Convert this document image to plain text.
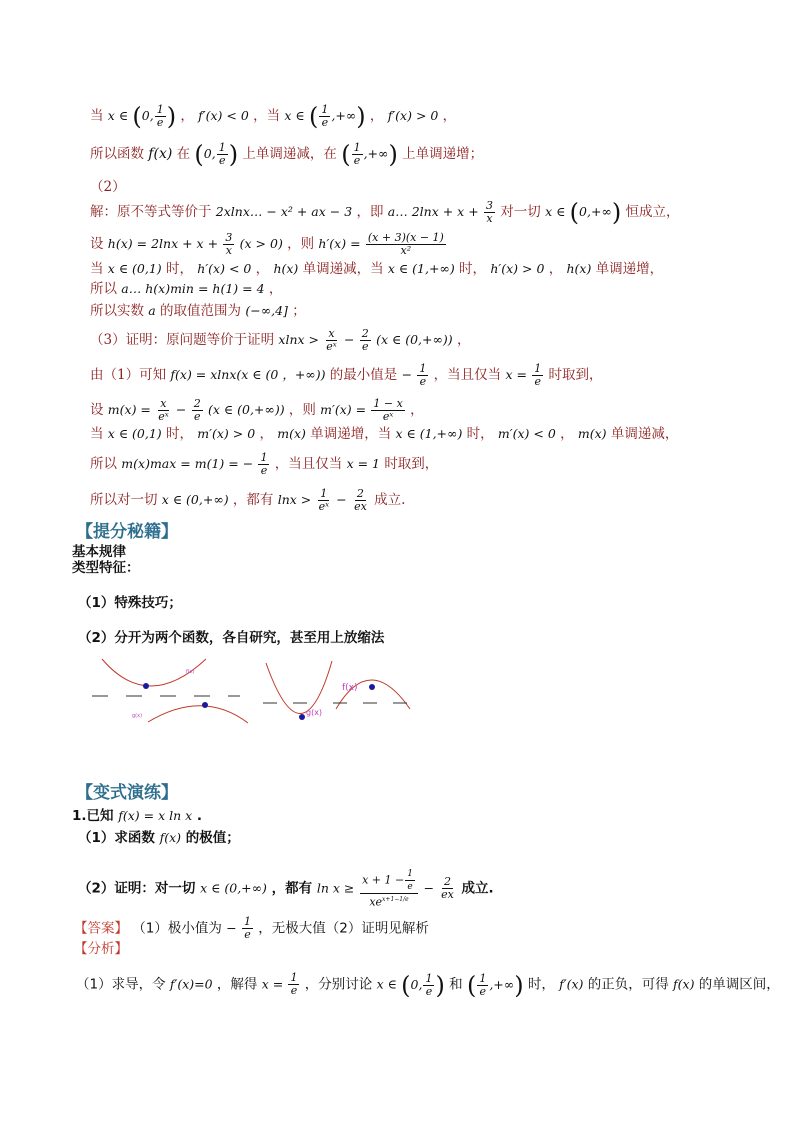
当 x ∈ (0, $\frac{1}{e}$ ) ， f′(x) < 0 ，当 x ∈ ( $\frac{1}{e}$ ,+∞) ， f′(x) > 0 ，
所以函数 f(x) 在 (0, $\frac{1}{e}$ ) 上单调递减，在 ( $\frac{1}{e}$ ,+∞) 上单调递增；
（2）
解：原不等式等价于 2xlnx… − x² + ax − 3 ，即 a… $2\ln x + x + \frac{3}{x}$ 对一切 x ∈ (0,+∞) 恒成立，
设 $h(x) = 2\ln x + x + \frac{3}{x} (x > 0)$ ，则 $h'(x) = \frac{(x + 3)(x - 1)}{\text{x²}}$
当 x ∈ (0,1) 时， h′(x) < 0 ， h(x) 单调递减，当 x ∈ (1,+∞) 时， h′(x) > 0 ， h(x) 单调递增，
所以 a… h(x)min = h(1) = 4 ，
所以实数 a 的取值范围为 (−∞,4] ；
（3）证明：原问题等价于证明 $xlnx > \frac{x}{\text{eˣ}} - \frac{2}{e} (x$ ∈ (0,+∞)) ，
由（1）可知 f(x) = xlnx(x ∈ (0 ，+∞)) 的最小值是 − $\frac{1}{e}$ ，当且仅当 $x = \frac{1}{e}$ 时取到，
设 $m(x) = \frac{x}{\text{eˣ}} - \frac{2}{e} (x$ ∈ (0,+∞)) ，则 $m'(x) = \frac{1 - x}{\text{eˣ}}$ ，
当 x ∈ (0,1) 时， m′(x) > 0 ， m(x) 单调递增，当 x ∈ (1,+∞) 时， m′(x) < 0 ， m(x) 单调递减，
所以 m(x)max = m(1) = − $\frac{1}{e}$ ，当且仅当 x = 1 时取到，
所以对一切 x ∈ (0,+∞) ，都有 $\ln x > \frac{1}{\text{eˣ}} - \frac{2}{ex}$ 成立.
【提分秘籍】
基本规律
类型特征：
（1）特殊技巧；
（2）分开为两个函数，各自研究，甚至用上放缩法
f(x)
g(x)	g(x)
f(x)
【变式演练】
1.已知 f(x) = x ln x .
（1）求函数 f(x) 的极值；
（2）证明：对一切 x ∈ (0,+∞) ，都有 $\ln x \ge \frac{x + 1 - \frac{1}{e}}{xe^{x+1-1/e}} - \frac{2}{ex}$ 成立.
【答案】 （1）极小值为 − $\frac{1}{e}$ ，无极大值（2）证明见解析
【分析】
（1）求导，令 f′(x)=0 ，解得 $x = \frac{1}{e}$ ，分别讨论 x ∈ (0, $\frac{1}{e}$ ) 和 ( $\frac{1}{e}$ ,+∞) 时， f′(x) 的正负，可得 f(x) 的单调区间，
